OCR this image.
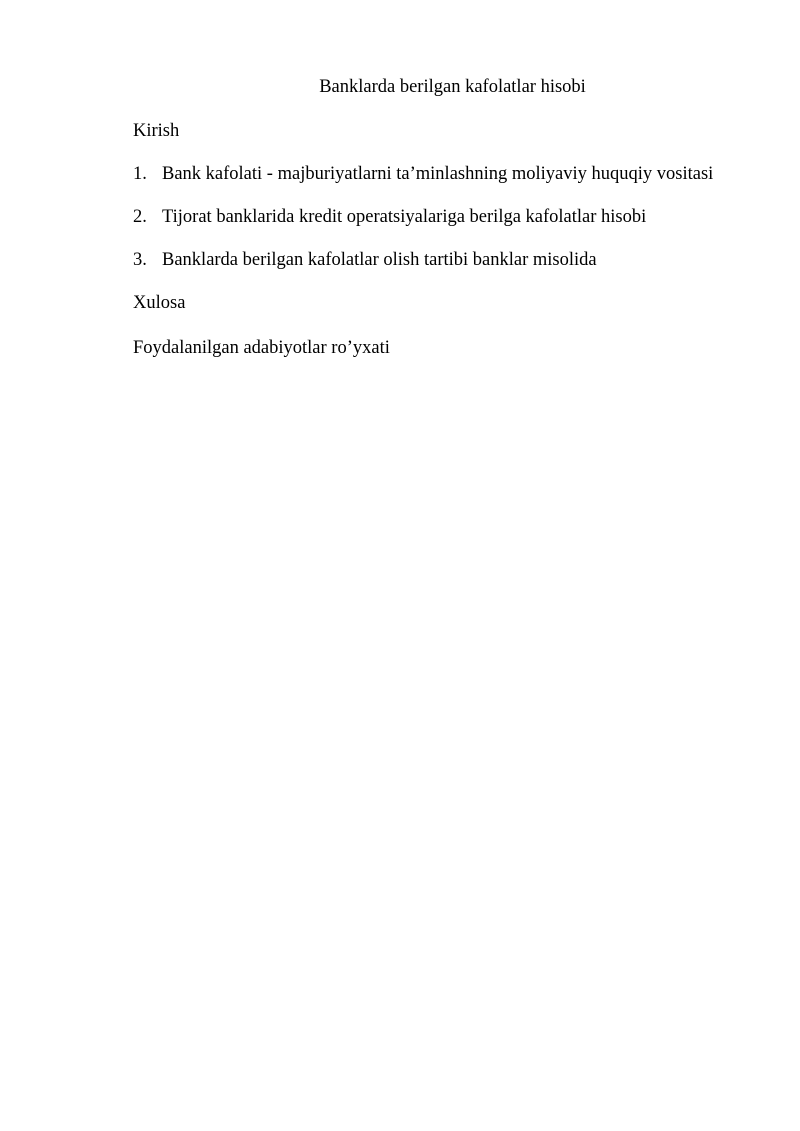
Banklarda berilgan kafolatlar hisobi
Kirish
1. Bank kafolati - majburiyatlarni ta’minlashning moliyaviy huquqiy vositasi
2. Tijorat banklarida kredit operatsiyalariga berilga kafolatlar hisobi
3. Banklarda berilgan kafolatlar olish tartibi banklar misolida
Xulosa
Foydalanilgan adabiyotlar ro’yxati
